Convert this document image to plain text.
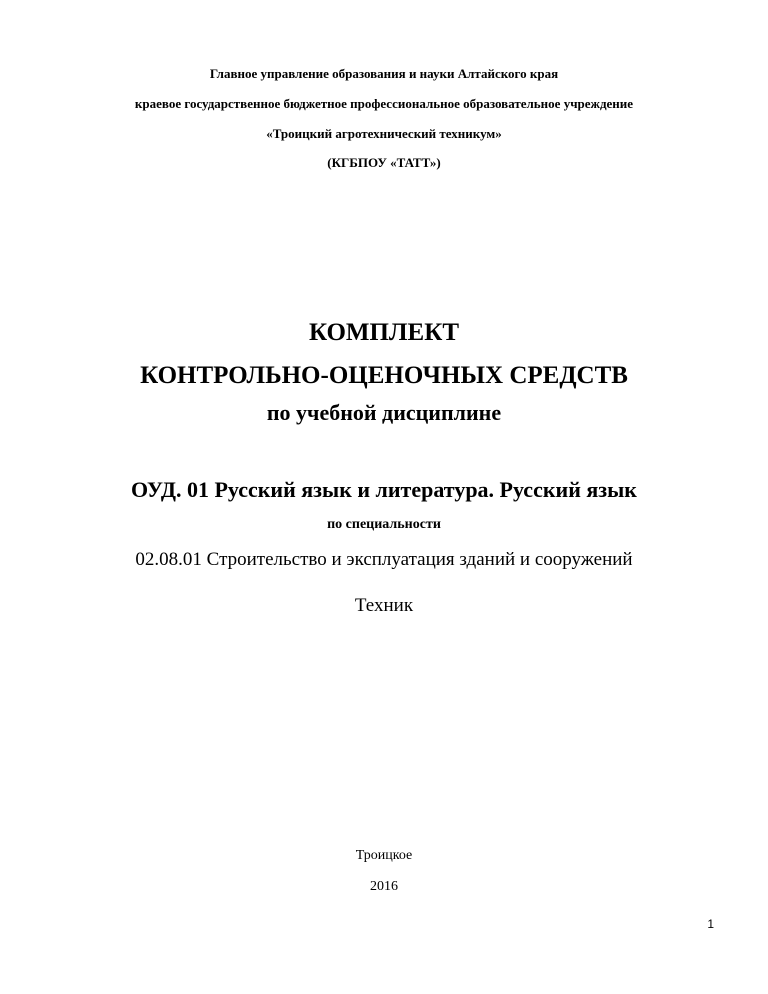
Главное управление образования и науки Алтайского края
краевое государственное бюджетное профессиональное образовательное учреждение
«Троицкий агротехнический техникум»
(КГБПОУ «ТАТТ»)
КОМПЛЕКТ
КОНТРОЛЬНО-ОЦЕНОЧНЫХ СРЕДСТВ
по учебной дисциплине
ОУД. 01 Русский язык и литература. Русский язык
по специальности
02.08.01 Строительство и эксплуатация зданий и сооружений
Техник
Троицкое
2016
1
